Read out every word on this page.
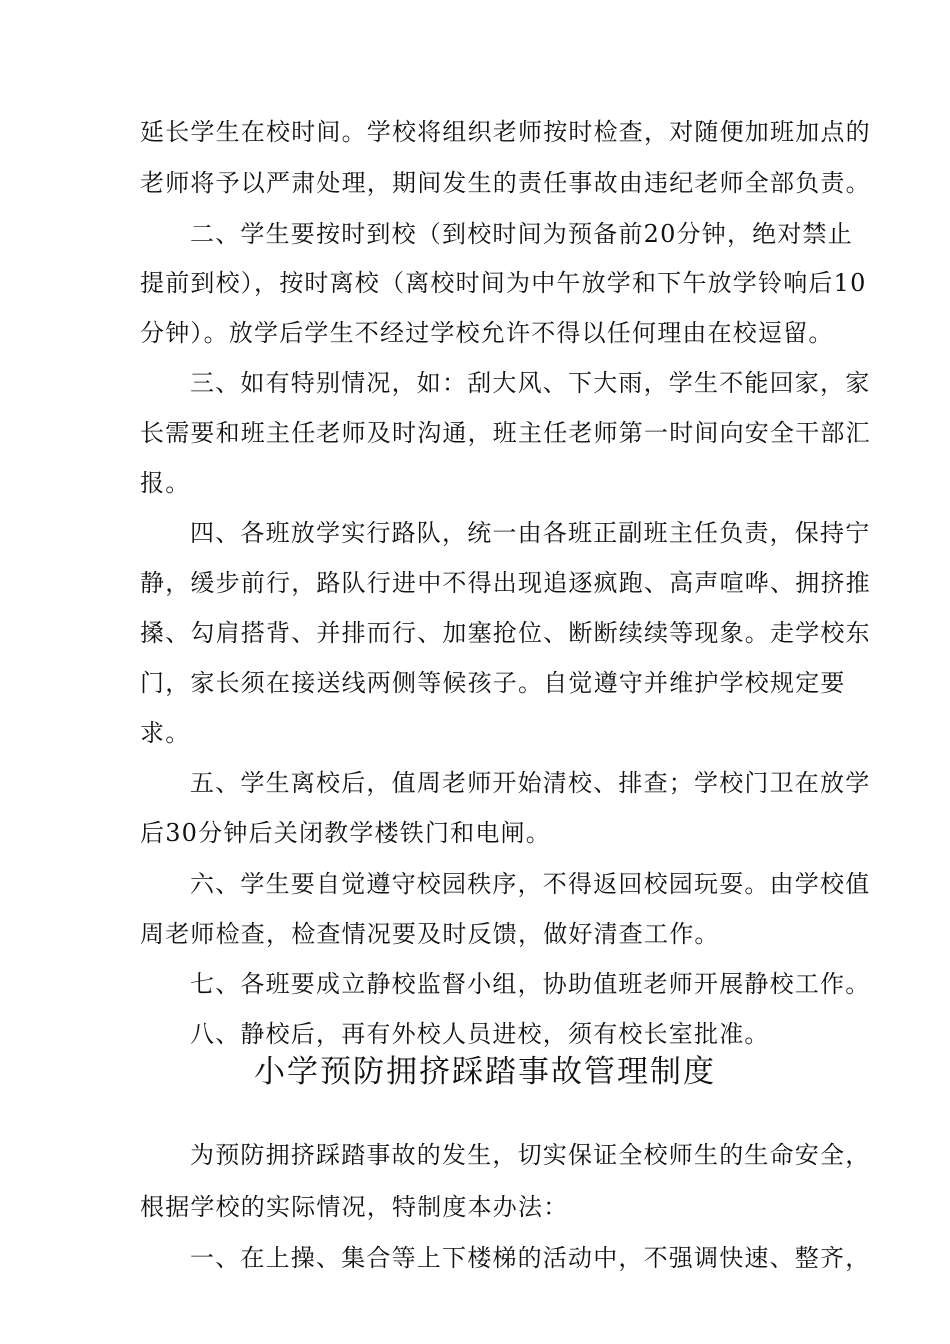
延长学生在校时间。学校将组织老师按时检查，对随便加班加点的
老师将予以严肃处理，期间发生的责任事故由违纪老师全部负责。
二、学生要按时到校（到校时间为预备前20分钟，绝对禁止
提前到校），按时离校（离校时间为中午放学和下午放学铃响后10
分钟）。放学后学生不经过学校允许不得以任何理由在校逗留。
三、如有特别情况，如：刮大风、下大雨，学生不能回家，家
长需要和班主任老师及时沟通，班主任老师第一时间向安全干部汇
报。
四、各班放学实行路队，统一由各班正副班主任负责，保持宁
静，缓步前行，路队行进中不得出现追逐疯跑、高声喧哗、拥挤推
搡、勾肩搭背、并排而行、加塞抢位、断断续续等现象。走学校东
门，家长须在接送线两侧等候孩子。自觉遵守并维护学校规定要
求。
五、学生离校后，值周老师开始清校、排查；学校门卫在放学
后30分钟后关闭教学楼铁门和电闸。
六、学生要自觉遵守校园秩序，不得返回校园玩耍。由学校值
周老师检查，检查情况要及时反馈，做好清查工作。
七、各班要成立静校监督小组，协助值班老师开展静校工作。
八、静校后，再有外校人员进校，须有校长室批准。
小学预防拥挤踩踏事故管理制度
为预防拥挤踩踏事故的发生，切实保证全校师生的生命安全，
根据学校的实际情况，特制度本办法：
一、在上操、集合等上下楼梯的活动中，不强调快速、整齐，
